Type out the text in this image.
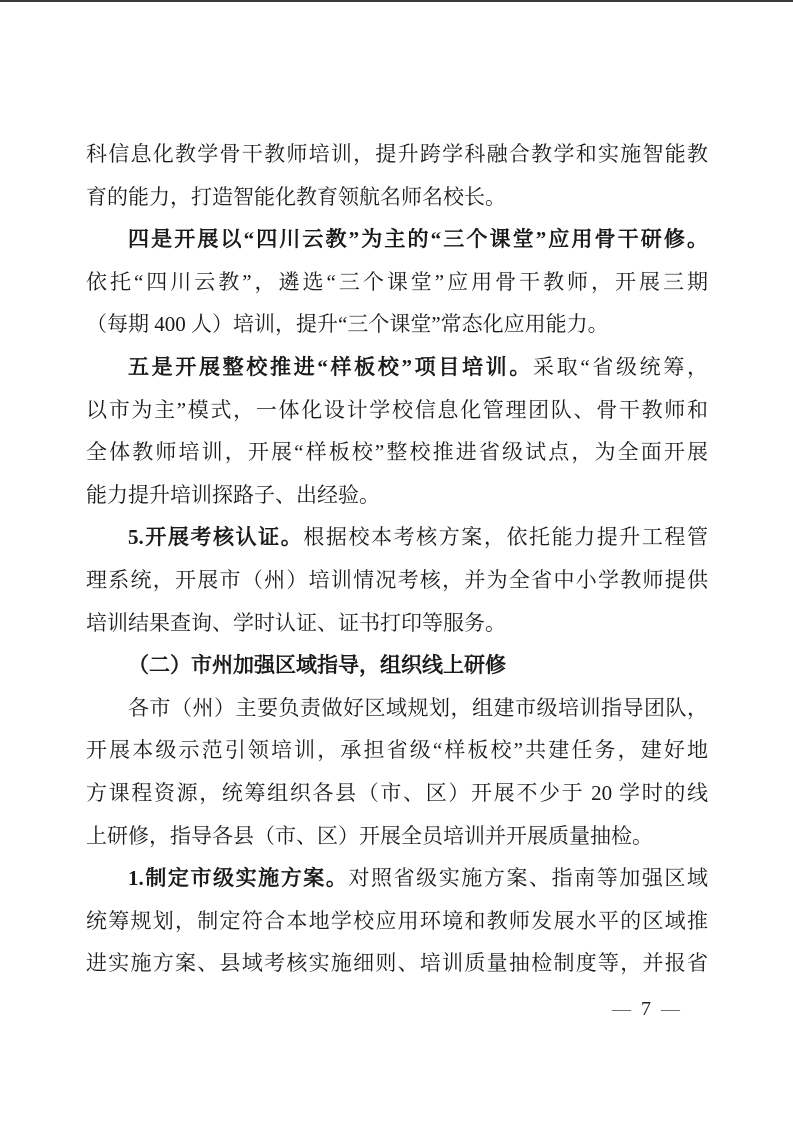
科信息化教学骨干教师培训，提升跨学科融合教学和实施智能教
育的能力，打造智能化教育领航名师名校长。
四是开展以“四川云教”为主的“三个课堂”应用骨干研修。
依托“四川云教”，遴选“三个课堂”应用骨干教师，开展三期
（每期 400 人）培训，提升“三个课堂”常态化应用能力。
五是开展整校推进“样板校”项目培训。采取“省级统筹，
以市为主”模式，一体化设计学校信息化管理团队、骨干教师和
全体教师培训，开展“样板校”整校推进省级试点，为全面开展
能力提升培训探路子、出经验。
5.开展考核认证。根据校本考核方案，依托能力提升工程管
理系统，开展市（州）培训情况考核，并为全省中小学教师提供
培训结果查询、学时认证、证书打印等服务。
（二）市州加强区域指导，组织线上研修
各市（州）主要负责做好区域规划，组建市级培训指导团队，
开展本级示范引领培训，承担省级“样板校”共建任务，建好地
方课程资源，统筹组织各县（市、区）开展不少于 20 学时的线
上研修，指导各县（市、区）开展全员培训并开展质量抽检。
1.制定市级实施方案。对照省级实施方案、指南等加强区域
统筹规划，制定符合本地学校应用环境和教师发展水平的区域推
进实施方案、县域考核实施细则、培训质量抽检制度等，并报省
— 7 —
